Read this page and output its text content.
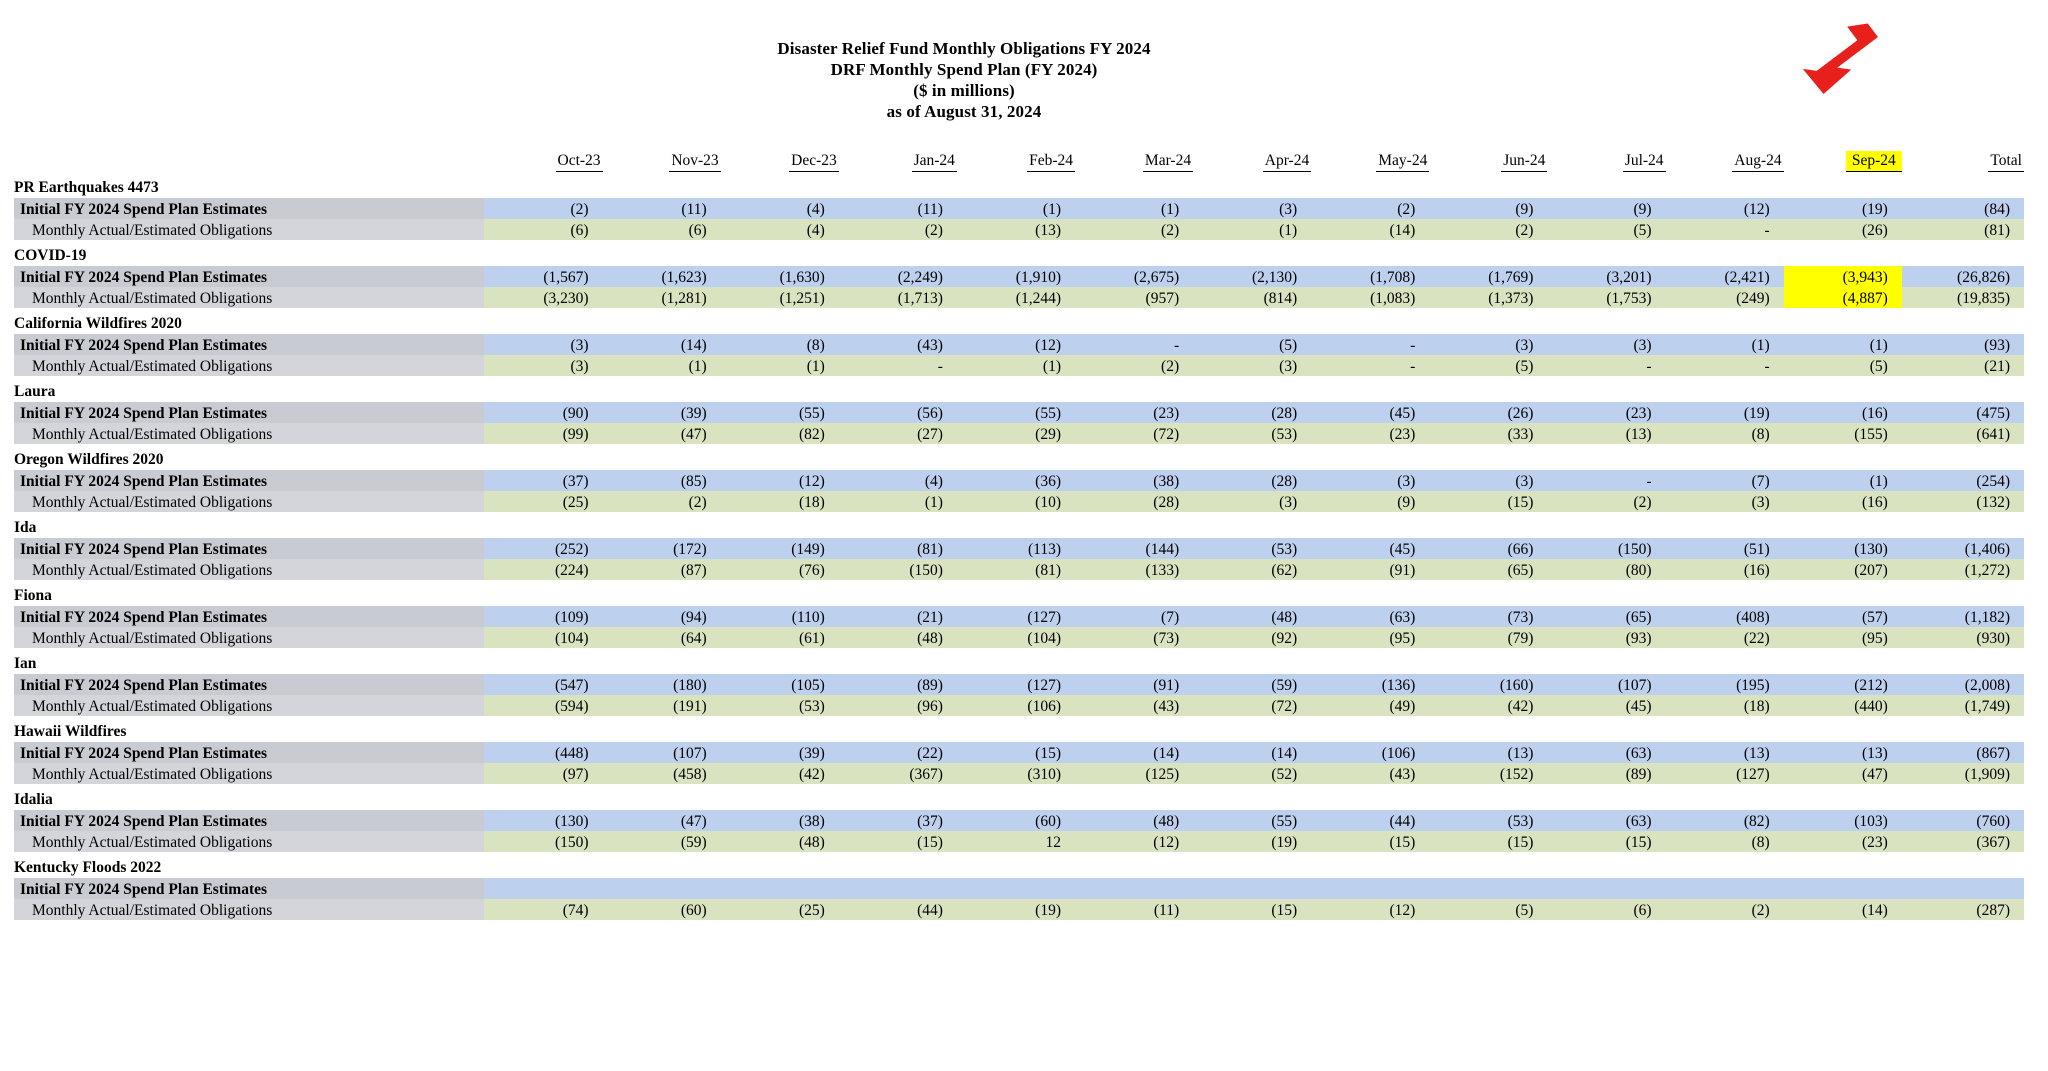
Disaster Relief Fund Monthly Obligations FY 2024
DRF Monthly Spend Plan (FY 2024)
($ in millions)
as of August 31, 2024
	Oct-23	Nov-23	Dec-23	Jan-24	Feb-24	Mar-24	Apr-24	May-24	Jun-24	Jul-24	Aug-24	Sep-24	Total
PR Earthquakes 4473													
Initial FY 2024 Spend Plan Estimates	(2)	(11)	(4)	(11)	(1)	(1)	(3)	(2)	(9)	(9)	(12)	(19)	(84)
Monthly Actual/Estimated Obligations	(6)	(6)	(4)	(2)	(13)	(2)	(1)	(14)	(2)	(5)	-	(26)	(81)
COVID-19													
Initial FY 2024 Spend Plan Estimates	(1,567)	(1,623)	(1,630)	(2,249)	(1,910)	(2,675)	(2,130)	(1,708)	(1,769)	(3,201)	(2,421)	(3,943)	(26,826)
Monthly Actual/Estimated Obligations	(3,230)	(1,281)	(1,251)	(1,713)	(1,244)	(957)	(814)	(1,083)	(1,373)	(1,753)	(249)	(4,887)	(19,835)
California Wildfires 2020													
Initial FY 2024 Spend Plan Estimates	(3)	(14)	(8)	(43)	(12)	-	(5)	-	(3)	(3)	(1)	(1)	(93)
Monthly Actual/Estimated Obligations	(3)	(1)	(1)	-	(1)	(2)	(3)	-	(5)	-	-	(5)	(21)
Laura													
Initial FY 2024 Spend Plan Estimates	(90)	(39)	(55)	(56)	(55)	(23)	(28)	(45)	(26)	(23)	(19)	(16)	(475)
Monthly Actual/Estimated Obligations	(99)	(47)	(82)	(27)	(29)	(72)	(53)	(23)	(33)	(13)	(8)	(155)	(641)
Oregon Wildfires 2020													
Initial FY 2024 Spend Plan Estimates	(37)	(85)	(12)	(4)	(36)	(38)	(28)	(3)	(3)	-	(7)	(1)	(254)
Monthly Actual/Estimated Obligations	(25)	(2)	(18)	(1)	(10)	(28)	(3)	(9)	(15)	(2)	(3)	(16)	(132)
Ida													
Initial FY 2024 Spend Plan Estimates	(252)	(172)	(149)	(81)	(113)	(144)	(53)	(45)	(66)	(150)	(51)	(130)	(1,406)
Monthly Actual/Estimated Obligations	(224)	(87)	(76)	(150)	(81)	(133)	(62)	(91)	(65)	(80)	(16)	(207)	(1,272)
Fiona													
Initial FY 2024 Spend Plan Estimates	(109)	(94)	(110)	(21)	(127)	(7)	(48)	(63)	(73)	(65)	(408)	(57)	(1,182)
Monthly Actual/Estimated Obligations	(104)	(64)	(61)	(48)	(104)	(73)	(92)	(95)	(79)	(93)	(22)	(95)	(930)
Ian													
Initial FY 2024 Spend Plan Estimates	(547)	(180)	(105)	(89)	(127)	(91)	(59)	(136)	(160)	(107)	(195)	(212)	(2,008)
Monthly Actual/Estimated Obligations	(594)	(191)	(53)	(96)	(106)	(43)	(72)	(49)	(42)	(45)	(18)	(440)	(1,749)
Hawaii Wildfires													
Initial FY 2024 Spend Plan Estimates	(448)	(107)	(39)	(22)	(15)	(14)	(14)	(106)	(13)	(63)	(13)	(13)	(867)
Monthly Actual/Estimated Obligations	(97)	(458)	(42)	(367)	(310)	(125)	(52)	(43)	(152)	(89)	(127)	(47)	(1,909)
Idalia													
Initial FY 2024 Spend Plan Estimates	(130)	(47)	(38)	(37)	(60)	(48)	(55)	(44)	(53)	(63)	(82)	(103)	(760)
Monthly Actual/Estimated Obligations	(150)	(59)	(48)	(15)	12	(12)	(19)	(15)	(15)	(15)	(8)	(23)	(367)
Kentucky Floods 2022													
Initial FY 2024 Spend Plan Estimates													
Monthly Actual/Estimated Obligations	(74)	(60)	(25)	(44)	(19)	(11)	(15)	(12)	(5)	(6)	(2)	(14)	(287)
